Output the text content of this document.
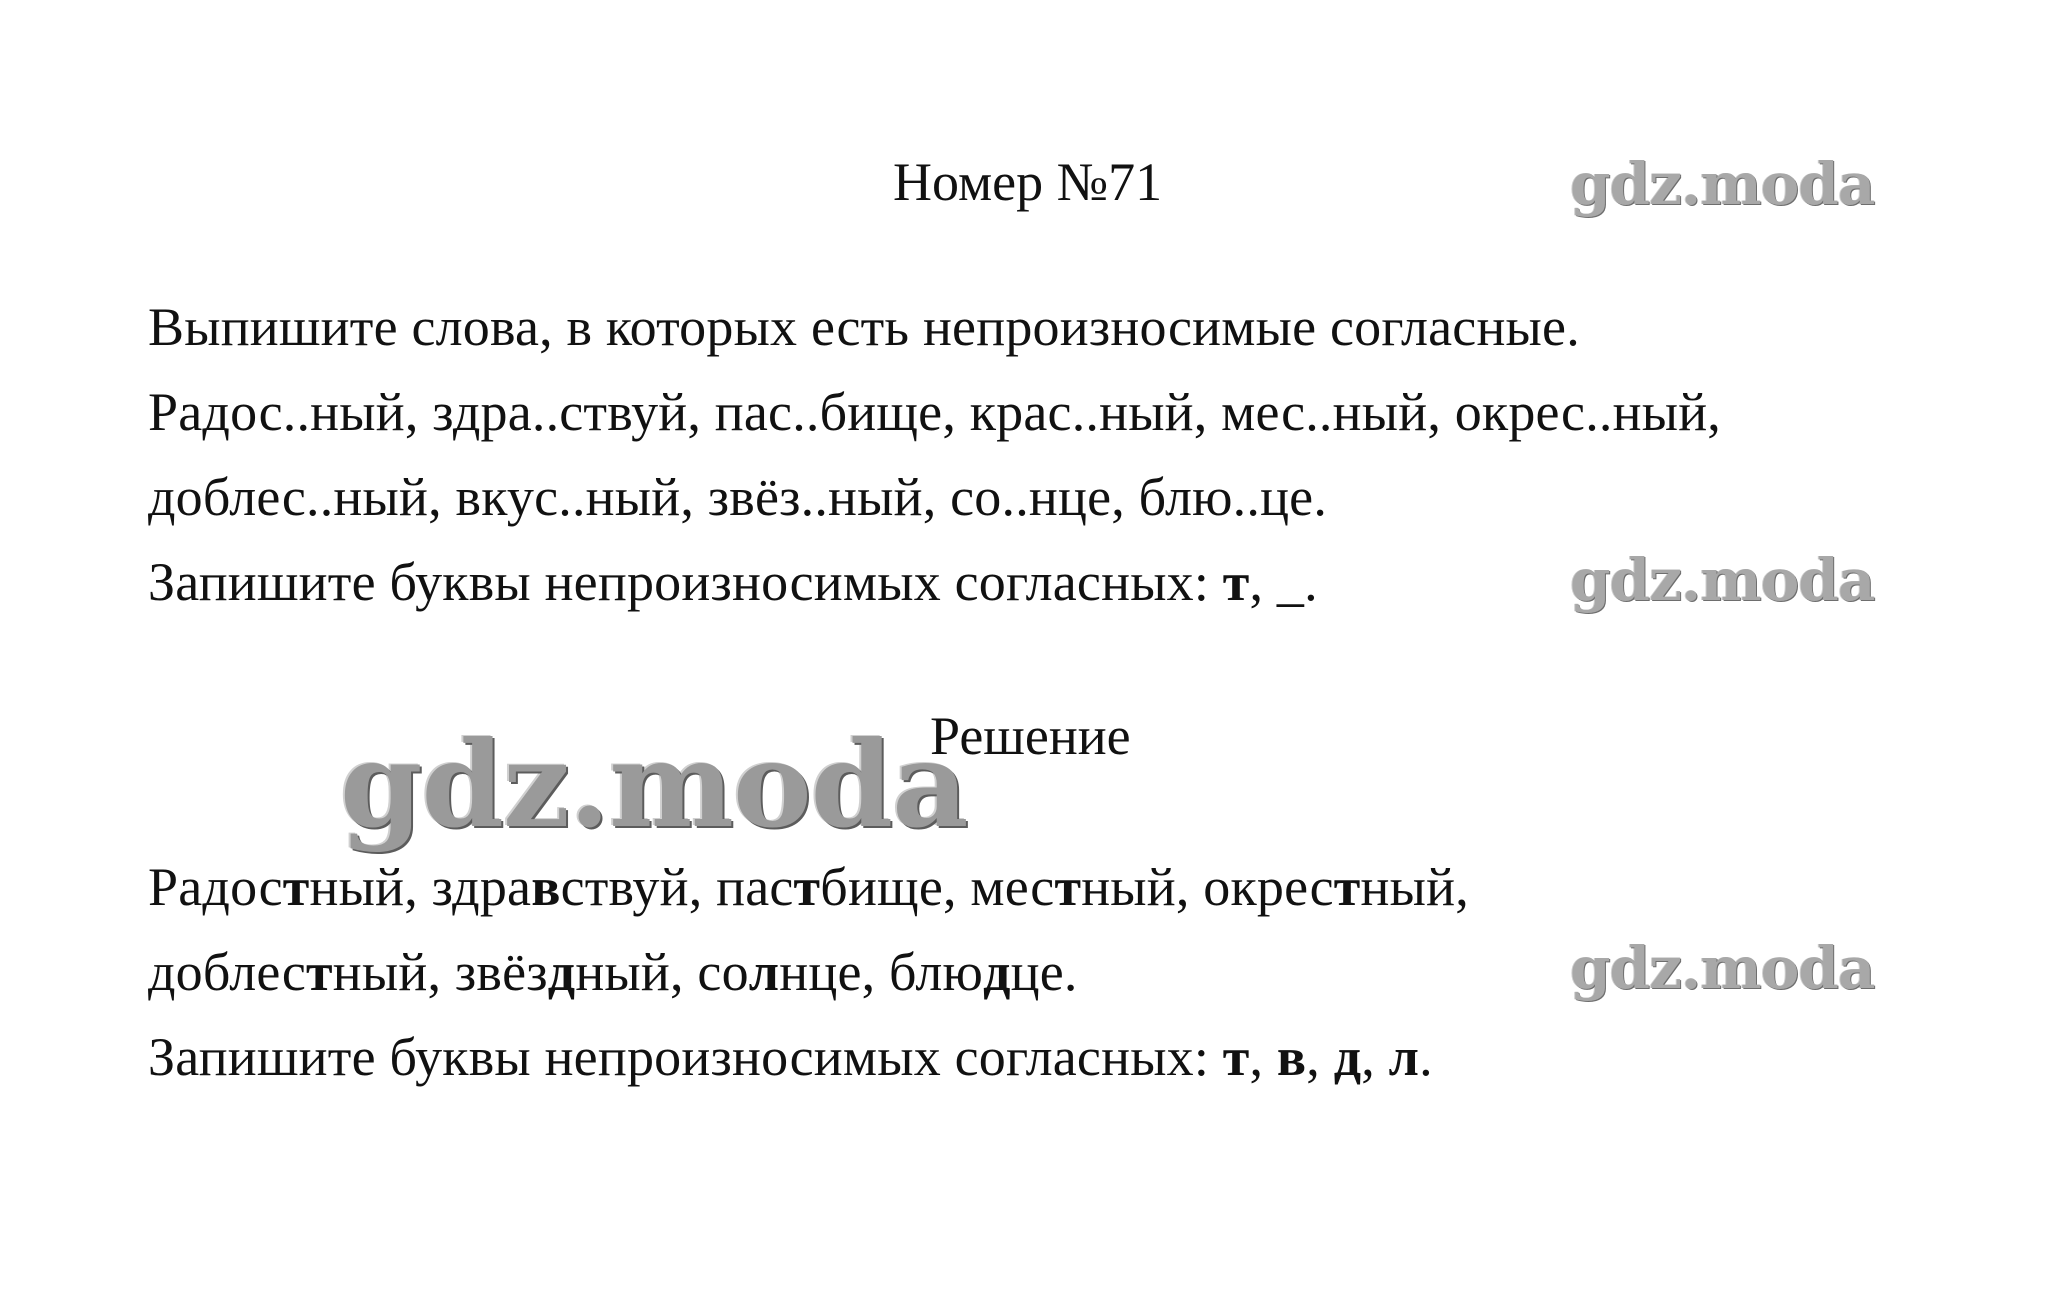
Номер №71	gdz.moda
Выпишите слова, в которых есть непроизносимые согласные.
Радос..ный, здра..ствуй, пас..бище, крас..ный, мес..ный, окрес..ный,
доблес..ный, вкус..ный, звёз..ный, со..нце, блю..це.
Запишите буквы непроизносимых согласных: т, _.	gdz.moda
Решение
gdz.moda
Радостный, здравствуй, пастбище, местный, окрестный,
доблестный, звёздный, солнце, блюдце.	gdz.moda
Запишите буквы непроизносимых согласных: т, в, д, л.
